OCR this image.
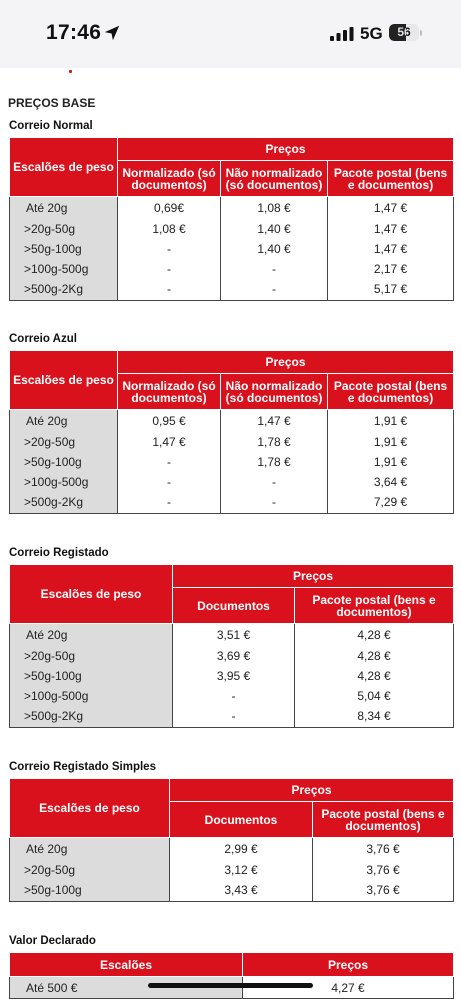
17:46	5G	56
PREÇOS BASE
Correio Normal
Escalões de peso	Preços		
	Normalizado (só documentos)	Não normalizado (só documentos)	Pacote postal (bens e documentos)
Até 20g	0,69€	1,08 €	1,47 €
>20g-50g	1,08 €	1,40 €	1,47 €
>50g-100g	-	1,40 €	1,47 €
>100g-500g	-	-	2,17 €
>500g-2Kg	-	-	5,17 €
Correio Azul
Escalões de peso	Preços		
	Normalizado (só documentos)	Não normalizado (só documentos)	Pacote postal (bens e documentos)
Até 20g	0,95 €	1,47 €	1,91 €
>20g-50g	1,47 €	1,78 €	1,91 €
>50g-100g	-	1,78 €	1,91 €
>100g-500g	-	-	3,64 €
>500g-2Kg	-	-	7,29 €
Correio Registado
Escalões de peso	Preços	
	Documentos	Pacote postal (bens e documentos)
Até 20g	3,51 €	4,28 €
>20g-50g	3,69 €	4,28 €
>50g-100g	3,95 €	4,28 €
>100g-500g	-	5,04 €
>500g-2Kg	-	8,34 €
Correio Registado Simples
Escalões de peso	Preços	
	Documentos	Pacote postal (bens e documentos)
Até 20g	2,99 €	3,76 €
>20g-50g	3,12 €	3,76 €
>50g-100g	3,43 €	3,76 €
Valor Declarado
Escalões	Preços
Até 500 €	4,27 €
